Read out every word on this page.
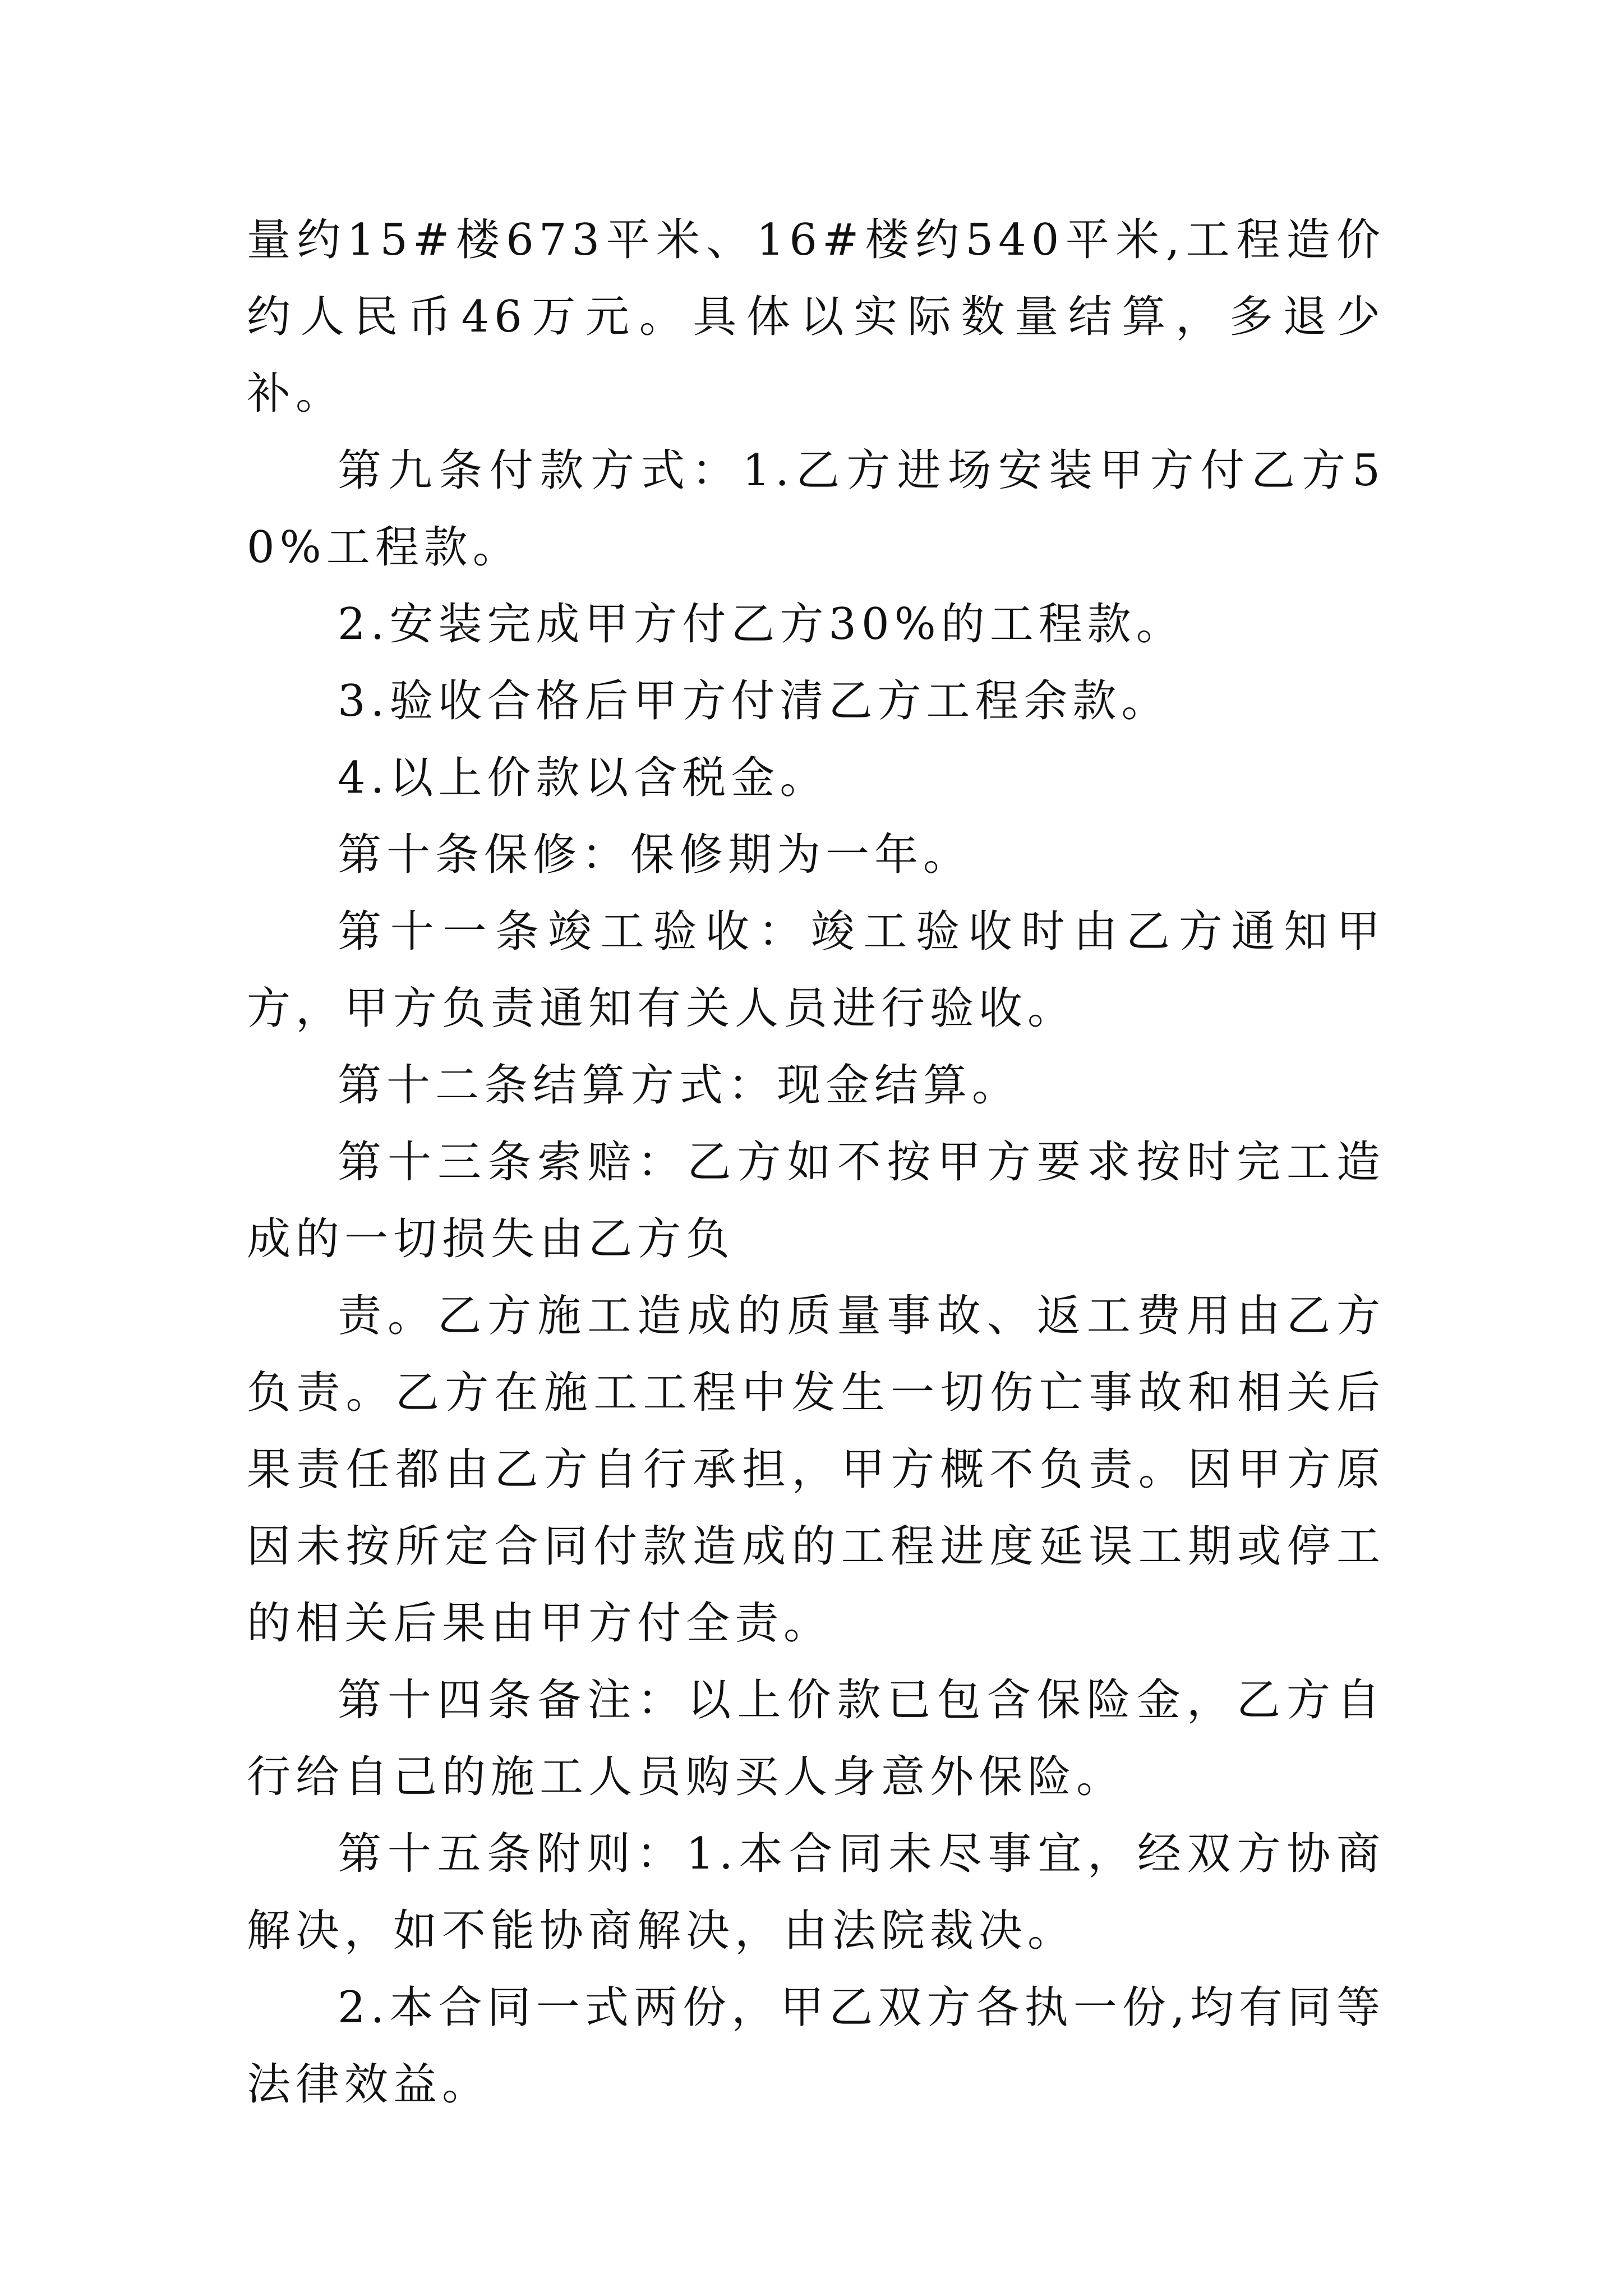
量约15#楼673平米、16#楼约540平米,工程造价约人民币46万元。具体以实际数量结算，多退少补。

第九条付款方式：1.乙方进场安装甲方付乙方50%工程款。

2.安装完成甲方付乙方30%的工程款。

3.验收合格后甲方付清乙方工程余款。

4.以上价款以含税金。

第十条保修：保修期为一年。

第十一条竣工验收：竣工验收时由乙方通知甲方，甲方负责通知有关人员进行验收。

第十二条结算方式：现金结算。

第十三条索赔：乙方如不按甲方要求按时完工造成的一切损失由乙方负

责。乙方施工造成的质量事故、返工费用由乙方负责。乙方在施工工程中发生一切伤亡事故和相关后果责任都由乙方自行承担，甲方概不负责。因甲方原因未按所定合同付款造成的工程进度延误工期或停工的相关后果由甲方付全责。

第十四条备注：以上价款已包含保险金，乙方自行给自己的施工人员购买人身意外保险。

第十五条附则：1.本合同未尽事宜，经双方协商解决，如不能协商解决，由法院裁决。

2.本合同一式两份，甲乙双方各执一份,均有同等法律效益。
